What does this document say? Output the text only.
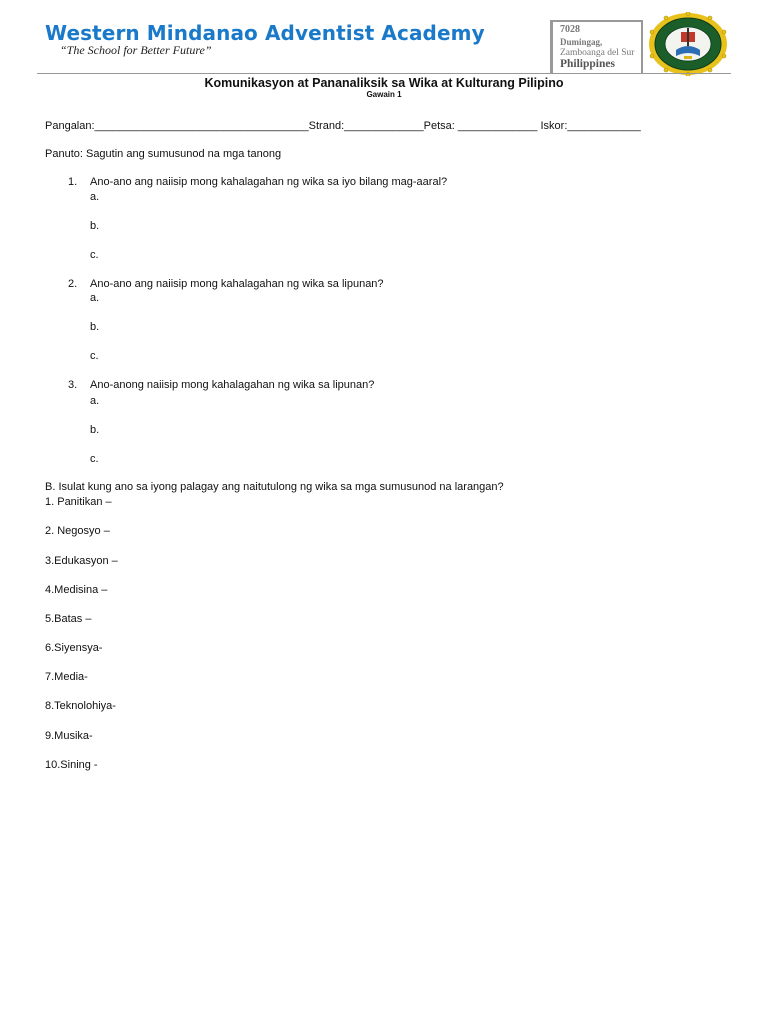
Western Mindanao Adventist Academy
“The School for Better Future”
7028
Dumingag,
Zamboanga del Sur
Philippines
Komunikasyon at Pananaliksik sa Wika at Kulturang Pilipino
Gawain 1
Pangalan:___________________________________Strand:_____________Petsa: _____________ Iskor:____________
Panuto: Sagutin ang sumusunod na mga tanong
1. Ano-ano ang naiisip mong kahalagahan ng wika sa iyo bilang mag-aaral?
a.
b.
c.
2. Ano-ano ang naiisip mong kahalagahan ng wika sa lipunan?
a.
b.
c.
3. Ano-anong naiisip mong kahalagahan ng wika sa lipunan?
a.
b.
c.
B. Isulat kung ano sa iyong palagay ang naitutulong ng wika sa mga sumusunod na larangan?
1. Panitikan –
2. Negosyo –
3.Edukasyon –
4.Medisina –
5.Batas –
6.Siyensya-
7.Media-
8.Teknolohiya-
9.Musika-
10.Sining -
